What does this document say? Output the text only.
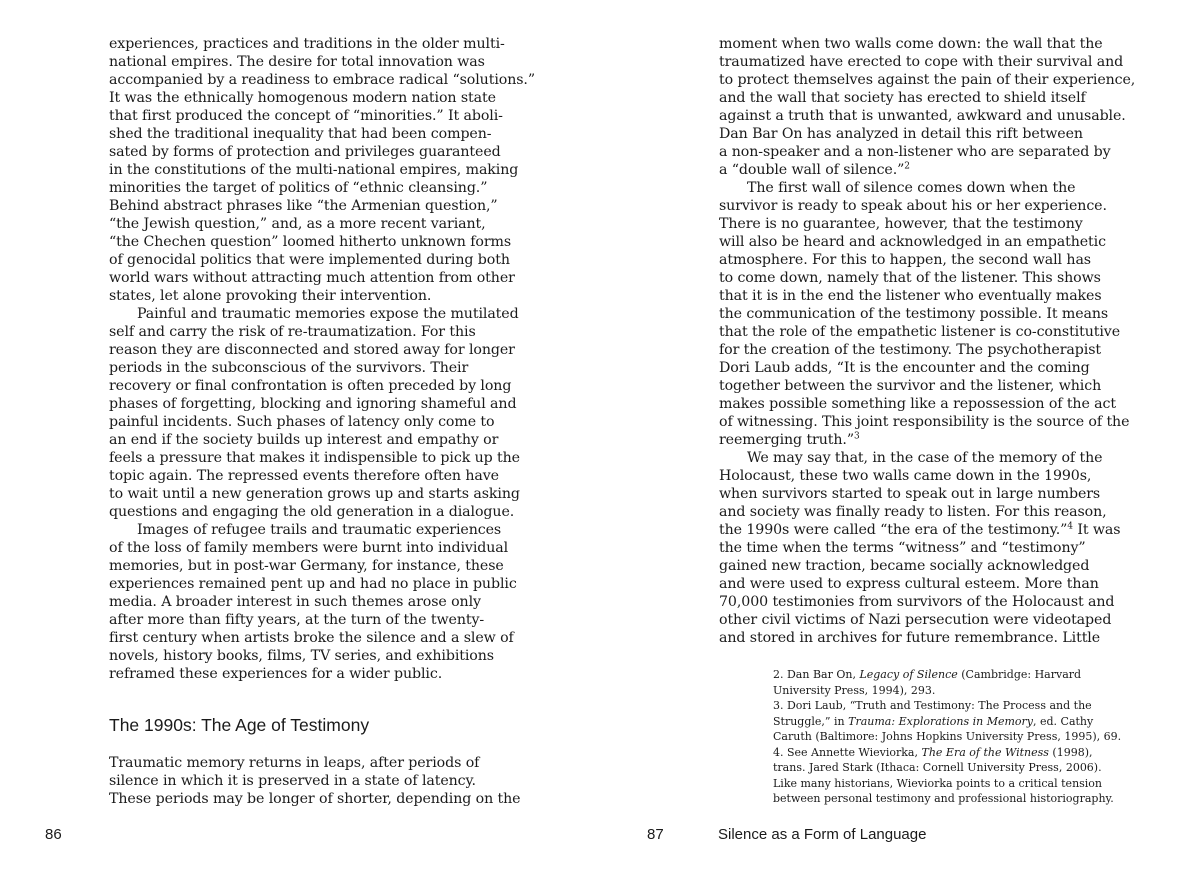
experiences, practices and traditions in the older multi-
national empires. The desire for total innovation was
accompanied by a readiness to embrace radical “solutions.”
It was the ethnically homogenous modern nation state
that first produced the concept of “minorities.” It aboli-
shed the traditional inequality that had been compen-
sated by forms of protection and privileges guaranteed
in the constitutions of the multi-national empires, making
minorities the target of politics of “ethnic cleansing.”
Behind abstract phrases like “the Armenian question,”
“the Jewish question,” and, as a more recent variant,
“the Chechen question” loomed hitherto unknown forms
of genocidal politics that were implemented during both
world wars without attracting much attention from other
states, let alone provoking their intervention.
Painful and traumatic memories expose the mutilated
self and carry the risk of re-traumatization. For this
reason they are disconnected and stored away for longer
periods in the subconscious of the survivors. Their
recovery or final confrontation is often preceded by long
phases of forgetting, blocking and ignoring shameful and
painful incidents. Such phases of latency only come to
an end if the society builds up interest and empathy or
feels a pressure that makes it indispensible to pick up the
topic again. The repressed events therefore often have
to wait until a new generation grows up and starts asking
questions and engaging the old generation in a dialogue.
Images of refugee trails and traumatic experiences
of the loss of family members were burnt into individual
memories, but in post-war Germany, for instance, these
experiences remained pent up and had no place in public
media. A broader interest in such themes arose only
after more than fifty years, at the turn of the twenty-
first century when artists broke the silence and a slew of
novels, history books, films, TV series, and exhibitions
reframed these experiences for a wider public.
The 1990s: The Age of Testimony
Traumatic memory returns in leaps, after periods of
silence in which it is preserved in a state of latency.
These periods may be longer of shorter, depending on the
86
moment when two walls come down: the wall that the
traumatized have erected to cope with their survival and
to protect themselves against the pain of their experience,
and the wall that society has erected to shield itself
against a truth that is unwanted, awkward and unusable.
Dan Bar On has analyzed in detail this rift between
a non-speaker and a non-listener who are separated by
a “double wall of silence.”$^2$
The first wall of silence comes down when the
survivor is ready to speak about his or her experience.
There is no guarantee, however, that the testimony
will also be heard and acknowledged in an empathetic
atmosphere. For this to happen, the second wall has
to come down, namely that of the listener. This shows
that it is in the end the listener who eventually makes
the communication of the testimony possible. It means
that the role of the empathetic listener is co-constitutive
for the creation of the testimony. The psychotherapist
Dori Laub adds, “It is the encounter and the coming
together between the survivor and the listener, which
makes possible something like a repossession of the act
of witnessing. This joint responsibility is the source of the
reemerging truth.”$^3$
We may say that, in the case of the memory of the
Holocaust, these two walls came down in the 1990s,
when survivors started to speak out in large numbers
and society was finally ready to listen. For this reason,
the 1990s were called “the era of the testimony.”$^4$ It was
the time when the terms “witness” and “testimony”
gained new traction, became socially acknowledged
and were used to express cultural esteem. More than
70,000 testimonies from survivors of the Holocaust and
other civil victims of Nazi persecution were videotaped
and stored in archives for future remembrance. Little
2. Dan Bar On, Legacy of Silence (Cambridge: Harvard
University Press, 1994), 293.
3. Dori Laub, “Truth and Testimony: The Process and the
Struggle,” in Trauma: Explorations in Memory, ed. Cathy
Caruth (Baltimore: Johns Hopkins University Press, 1995), 69.
4. See Annette Wieviorka, The Era of the Witness (1998),
trans. Jared Stark (Ithaca: Cornell University Press, 2006).
Like many historians, Wieviorka points to a critical tension
between personal testimony and professional historiography.
87	Silence as a Form of Language
